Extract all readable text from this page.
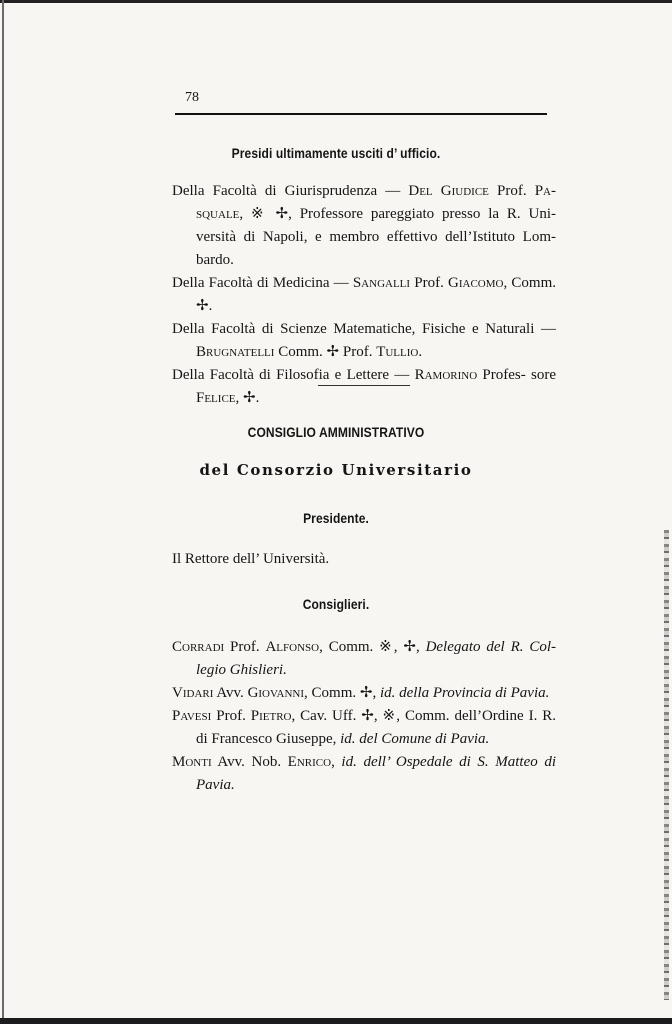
78
Presidi ultimamente usciti d’ ufficio.
Della Facoltà di Giurisprudenza — Del Giudice Prof. Pa- squale, ※ ✢, Professore pareggiato presso la R. Uni- versità di Napoli, e membro effettivo dell’Istituto Lom- bardo.
Della Facoltà di Medicina — Sangalli Prof. Giacomo, Comm. ✢.
Della Facoltà di Scienze Matematiche, Fisiche e Naturali — Brugnatelli Comm. ✢ Prof. Tullio.
Della Facoltà di Filosofia e Lettere — Ramorino Profes- sore Felice, ✢.
CONSIGLIO AMMINISTRATIVO
del Consorzio Universitario
Presidente.
Il Rettore dell’ Università.
Consiglieri.
Corradi Prof. Alfonso, Comm. ※, ✢, Delegato del R. Col- legio Ghislieri.
Vidari Avv. Giovanni, Comm. ✢, id. della Provincia di Pavia.
Pavesi Prof. Pietro, Cav. Uff. ✢, ※, Comm. dell’Ordine I. R. di Francesco Giuseppe, id. del Comune di Pavia.
Monti Avv. Nob. Enrico, id. dell’ Ospedale di S. Matteo di Pavia.
